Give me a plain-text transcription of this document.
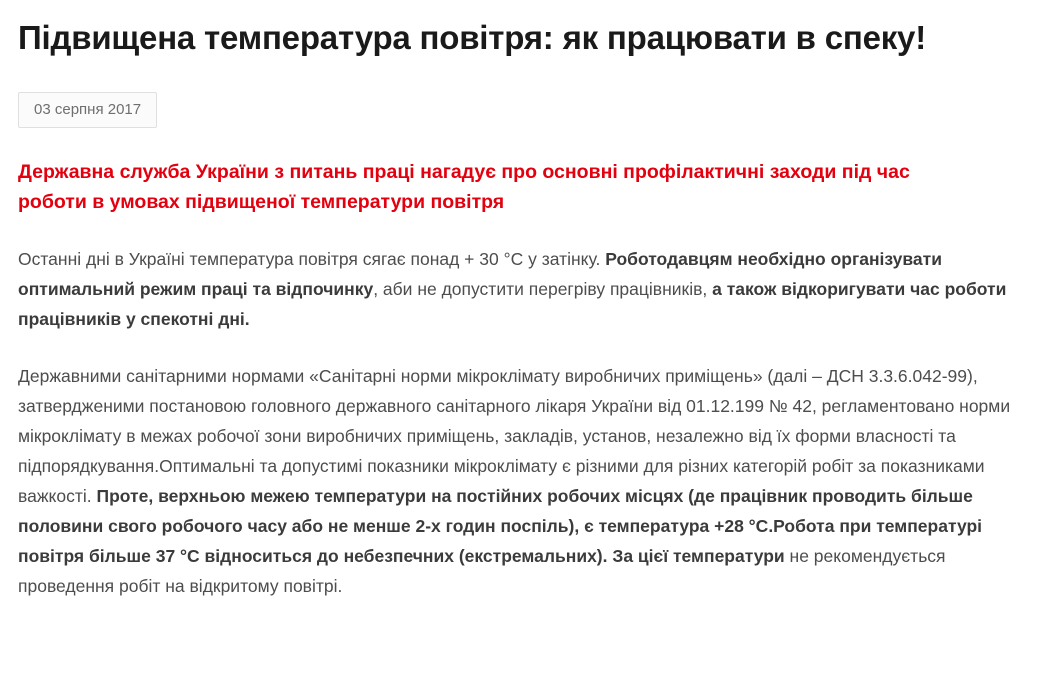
Підвищена температура повітря: як працювати в спеку!
03 серпня 2017
Державна служба України з питань праці нагадує про основні профілактичні заходи під час роботи в умовах підвищеної температури повітря

Останні дні в Україні температура повітря сягає понад + 30 °С у затінку. Роботодавцям необхідно організувати оптимальний режим праці та відпочинку, аби не допустити перегріву працівників, а також відкоригувати час роботи працівників у спекотні дні.

Державними санітарними нормами «Санітарні норми мікроклімату виробничих приміщень» (далі – ДСН 3.3.6.042-99), затвердженими постановою головного державного санітарного лікаря України від 01.12.199 № 42, регламентовано норми мікроклімату в межах робочої зони виробничих приміщень, закладів, установ, незалежно від їх форми власності та підпорядкування.Оптимальні та допустимі показники мікроклімату є різними для різних категорій робіт за показниками важкості. Проте, верхньою межею температури на постійних робочих місцях (де працівник проводить більше половини свого робочого часу або не менше 2-х годин поспіль), є температура +28 °С.Робота при температурі повітря більше 37 °С відноситься до небезпечних (екстремальних). За цієї температури не рекомендується проведення робіт на відкритому повітрі.
